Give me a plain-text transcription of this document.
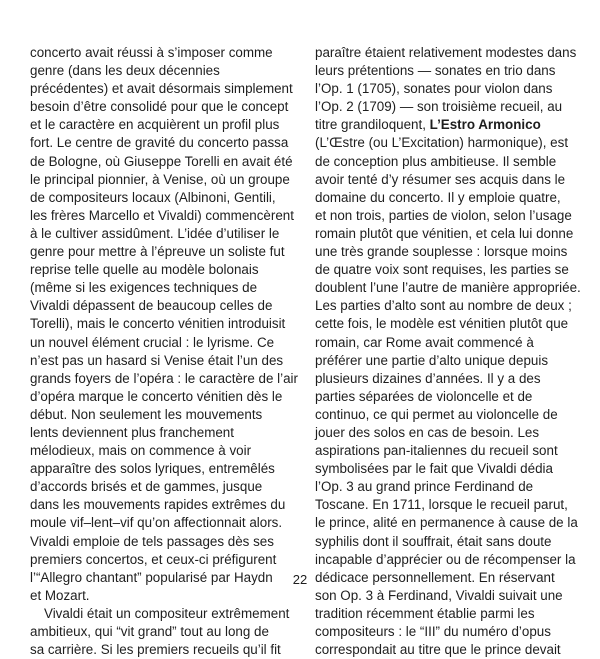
concerto avait réussi à s’imposer comme
genre (dans les deux décennies
précédentes) et avait désormais simplement
besoin d’être consolidé pour que le concept
et le caractère en acquièrent un profil plus
fort. Le centre de gravité du concerto passa
de Bologne, où Giuseppe Torelli en avait été
le principal pionnier, à Venise, où un groupe
de compositeurs locaux (Albinoni, Gentili,
les frères Marcello et Vivaldi) commencèrent
à le cultiver assidûment. L’idée d’utiliser le
genre pour mettre à l’épreuve un soliste fut
reprise telle quelle au modèle bolonais
(même si les exigences techniques de
Vivaldi dépassent de beaucoup celles de
Torelli), mais le concerto vénitien introduisit
un nouvel élément crucial : le lyrisme. Ce
n’est pas un hasard si Venise était l’un des
grands foyers de l’opéra : le caractère de l’air
d’opéra marque le concerto vénitien dès le
début. Non seulement les mouvements
lents deviennent plus franchement
mélodieux, mais on commence à voir
apparaître des solos lyriques, entremêlés
d’accords brisés et de gammes, jusque
dans les mouvements rapides extrêmes du
moule vif–lent–vif qu’on affectionnait alors.
Vivaldi emploie de tels passages dès ses
premiers concertos, et ceux-ci préfigurent
l’“Allegro chantant” popularisé par Haydn
et Mozart.
Vivaldi était un compositeur extrêmement
ambitieux, qui “vit grand” tout au long de
sa carrière. Si les premiers recueils qu’il fit
paraître étaient relativement modestes dans
leurs prétentions — sonates en trio dans
l’Op. 1 (1705), sonates pour violon dans
l’Op. 2 (1709) — son troisième recueil, au
titre grandiloquent, L’Estro Armonico
(L’Œstre (ou L’Excitation) harmonique), est
de conception plus ambitieuse. Il semble
avoir tenté d’y résumer ses acquis dans le
domaine du concerto. Il y emploie quatre,
et non trois, parties de violon, selon l’usage
romain plutôt que vénitien, et cela lui donne
une très grande souplesse : lorsque moins
de quatre voix sont requises, les parties se
doublent l’une l’autre de manière appropriée.
Les parties d’alto sont au nombre de deux ;
cette fois, le modèle est vénitien plutôt que
romain, car Rome avait commencé à
préférer une partie d’alto unique depuis
plusieurs dizaines d’années. Il y a des
parties séparées de violoncelle et de
continuo, ce qui permet au violoncelle de
jouer des solos en cas de besoin. Les
aspirations pan-italiennes du recueil sont
symbolisées par le fait que Vivaldi dédia
l’Op. 3 au grand prince Ferdinand de
Toscane. En 1711, lorsque le recueil parut,
le prince, alité en permanence à cause de la
syphilis dont il souffrait, était sans doute
incapable d’apprécier ou de récompenser la
dédicace personnellement. En réservant
son Op. 3 à Ferdinand, Vivaldi suivait une
tradition récemment établie parmi les
compositeurs : le “III” du numéro d’opus
correspondait au titre que le prince devait
22
